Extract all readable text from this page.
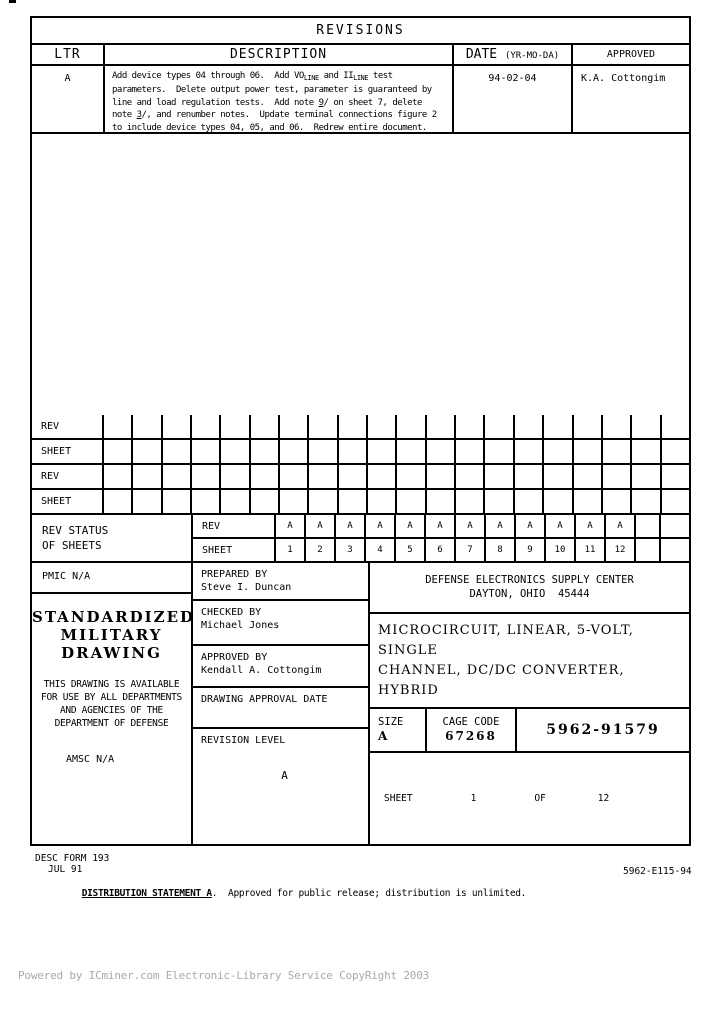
REVISIONS
LTR	DESCRIPTION	DATE (YR-MO-DA)	APPROVED
A	Add device types 04 through 06.  Add $VO_{LINE}$ and $II_{LINE}$ test
parameters.  Delete output power test, parameter is guaranteed by
line and load regulation tests.  Add note 9/ on sheet 7, delete
note 3/, and renumber notes.  Update terminal connections figure 2
to include device types 04, 05, and 06.  Redrew entire document.
94-02-04	K.A. Cottongim
REV
SHEET
REV
SHEET
REV STATUS
OF SHEETS
REV	A	A	A	A	A	A	A	A	A	A	A	A
SHEET	1	2	3	4	5	6	7	8	9	10	11	12
PMIC N/A
STANDARDIZED
MILITARY
DRAWING
THIS DRAWING IS AVAILABLE
FOR USE BY ALL DEPARTMENTS
AND AGENCIES OF THE
DEPARTMENT OF DEFENSE
AMSC N/A
PREPARED BY
Steve I. Duncan
CHECKED BY
Michael Jones
APPROVED BY
Kendall A. Cottongim
DRAWING APPROVAL DATE
REVISION LEVEL
A
DEFENSE ELECTRONICS SUPPLY CENTER
DAYTON, OHIO  45444
MICROCIRCUIT, LINEAR, 5-VOLT, SINGLE
CHANNEL, DC/DC CONVERTER, HYBRID
SIZE
A
CAGE CODE
67268	5962-91579
SHEET	1	OF	12
DESC FORM 193
JUL 91	5962-E115-94

DISTRIBUTION STATEMENT A.  Approved for public release; distribution is unlimited.

Powered by ICminer.com Electronic-Library Service CopyRight 2003
